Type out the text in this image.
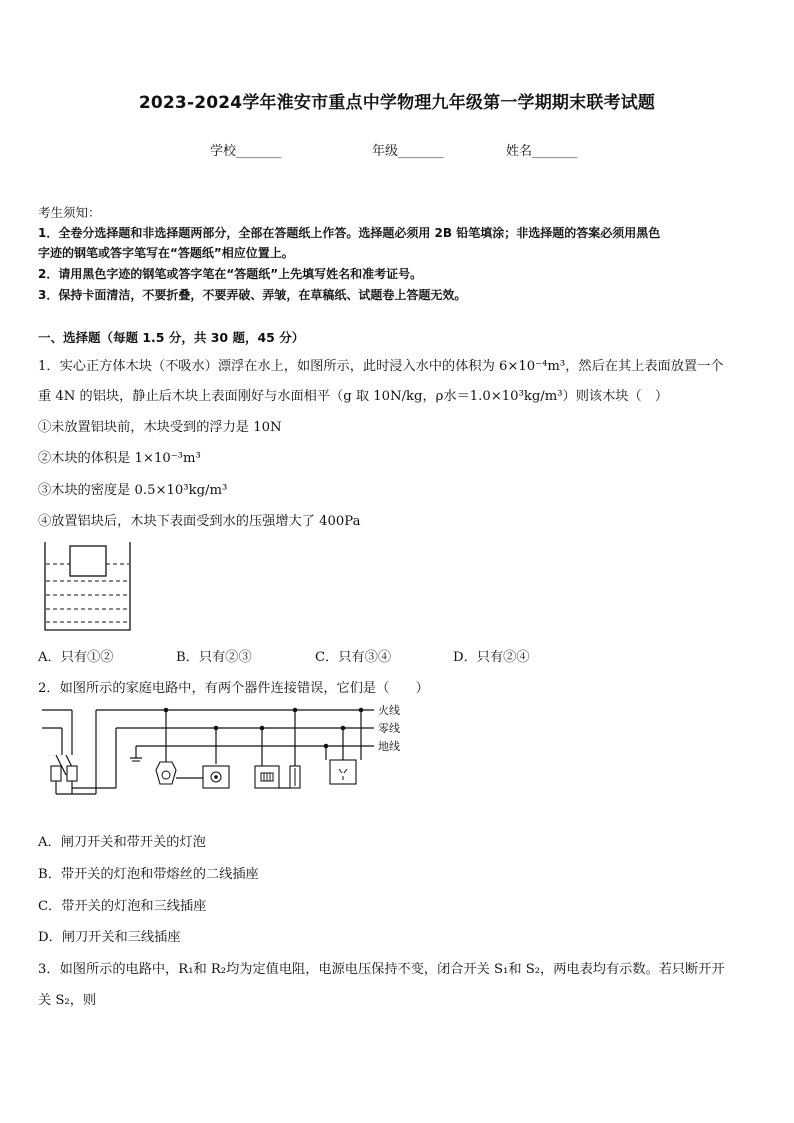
2023-2024学年淮安市重点中学物理九年级第一学期期末联考试题
学校_______	年级_______	姓名_______
考生须知：
1．全卷分选择题和非选择题两部分，全部在答题纸上作答。选择题必须用 2B 铅笔填涂；非选择题的答案必须用黑色
字迹的钢笔或答字笔写在“答题纸”相应位置上。
2．请用黑色字迹的钢笔或答字笔在“答题纸”上先填写姓名和准考证号。
3．保持卡面清洁，不要折叠，不要弄破、弄皱，在草稿纸、试题卷上答题无效。
一、选择题（每题 1.5 分，共 30 题，45 分）
1．实心正方体木块（不吸水）漂浮在水上，如图所示，此时浸入水中的体积为 6×10⁻⁴m³，然后在其上表面放置一个
重 4N 的铝块，静止后木块上表面刚好与水面相平（g 取 10N/kg，ρ水＝1.0×10³kg/m³）则该木块（　）
①未放置铝块前，木块受到的浮力是 10N
②木块的体积是 1×10⁻³m³
③木块的密度是 0.5×10³kg/m³
④放置铝块后，木块下表面受到水的压强增大了 400Pa
A．只有①②	B．只有②③	C．只有③④	D．只有②④
2．如图所示的家庭电路中，有两个器件连接错误，它们是（　　）
火线
零线
地线
A．闸刀开关和带开关的灯泡
B．带开关的灯泡和带熔丝的二线插座
C．带开关的灯泡和三线插座
D．闸刀开关和三线插座
3．如图所示的电路中，R₁和 R₂均为定值电阻，电源电压保持不变，闭合开关 S₁和 S₂，两电表均有示数。若只断开开
关 S₂，则
